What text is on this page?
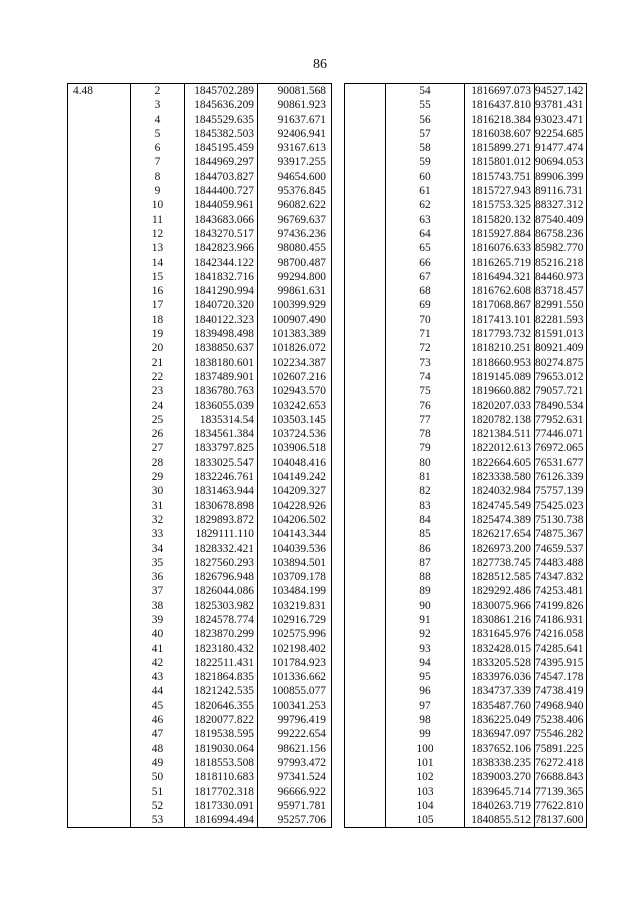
86
4.48	2	1845702.289	90081.568
	3	1845636.209	90861.923
	4	1845529.635	91637.671
	5	1845382.503	92406.941
	6	1845195.459	93167.613
	7	1844969.297	93917.255
	8	1844703.827	94654.600
	9	1844400.727	95376.845
	10	1844059.961	96082.622
	11	1843683.066	96769.637
	12	1843270.517	97436.236
	13	1842823.966	98080.455
	14	1842344.122	98700.487
	15	1841832.716	99294.800
	16	1841290.994	99861.631
	17	1840720.320	100399.929
	18	1840122.323	100907.490
	19	1839498.498	101383.389
	20	1838850.637	101826.072
	21	1838180.601	102234.387
	22	1837489.901	102607.216
	23	1836780.763	102943.570
	24	1836055.039	103242.653
	25	1835314.54	103503.145
	26	1834561.384	103724.536
	27	1833797.825	103906.518
	28	1833025.547	104048.416
	29	1832246.761	104149.242
	30	1831463.944	104209.327
	31	1830678.898	104228.926
	32	1829893.872	104206.502
	33	1829111.110	104143.344
	34	1828332.421	104039.536
	35	1827560.293	103894.501
	36	1826796.948	103709.178
	37	1826044.086	103484.199
	38	1825303.982	103219.831
	39	1824578.774	102916.729
	40	1823870.299	102575.996
	41	1823180.432	102198.402
	42	1822511.431	101784.923
	43	1821864.835	101336.662
	44	1821242.535	100855.077
	45	1820646.355	100341.253
	46	1820077.822	99796.419
	47	1819538.595	99222.654
	48	1819030.064	98621.156
	49	1818553.508	97993.472
	50	1818110.683	97341.524
	51	1817702.318	96666.922
	52	1817330.091	95971.781
	53	1816994.494	95257.706
	54	1816697.073	94527.142
	55	1816437.810	93781.431
	56	1816218.384	93023.471
	57	1816038.607	92254.685
	58	1815899.271	91477.474
	59	1815801.012	90694.053
	60	1815743.751	89906.399
	61	1815727.943	89116.731
	62	1815753.325	88327.312
	63	1815820.132	87540.409
	64	1815927.884	86758.236
	65	1816076.633	85982.770
	66	1816265.719	85216.218
	67	1816494.321	84460.973
	68	1816762.608	83718.457
	69	1817068.867	82991.550
	70	1817413.101	82281.593
	71	1817793.732	81591.013
	72	1818210.251	80921.409
	73	1818660.953	80274.875
	74	1819145.089	79653.012
	75	1819660.882	79057.721
	76	1820207.033	78490.534
	77	1820782.138	77952.631
	78	1821384.511	77446.071
	79	1822012.613	76972.065
	80	1822664.605	76531.677
	81	1823338.580	76126.339
	82	1824032.984	75757.139
	83	1824745.549	75425.023
	84	1825474.389	75130.738
	85	1826217.654	74875.367
	86	1826973.200	74659.537
	87	1827738.745	74483.488
	88	1828512.585	74347.832
	89	1829292.486	74253.481
	90	1830075.966	74199.826
	91	1830861.216	74186.931
	92	1831645.976	74216.058
	93	1832428.015	74285.641
	94	1833205.528	74395.915
	95	1833976.036	74547.178
	96	1834737.339	74738.419
	97	1835487.760	74968.940
	98	1836225.049	75238.406
	99	1836947.097	75546.282
	100	1837652.106	75891.225
	101	1838338.235	76272.418
	102	1839003.270	76688.843
	103	1839645.714	77139.365
	104	1840263.719	77622.810
	105	1840855.512	78137.600
